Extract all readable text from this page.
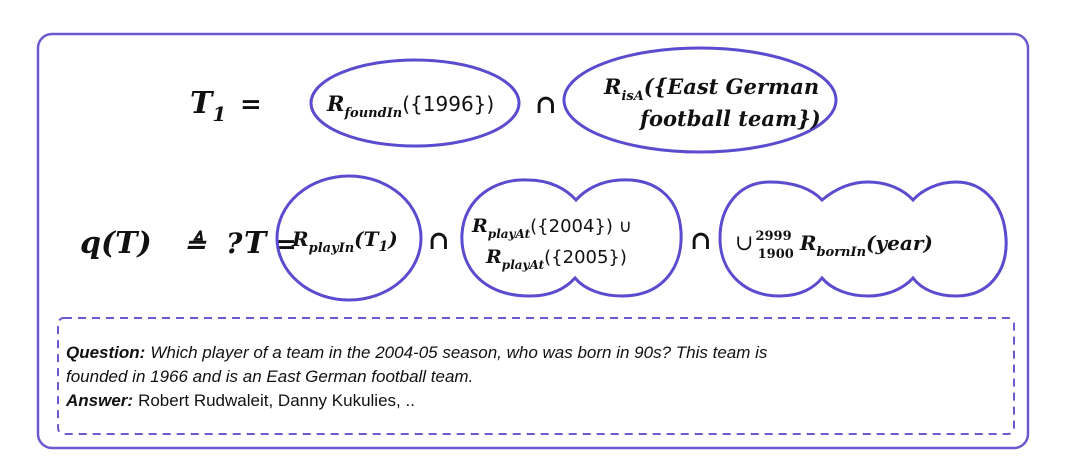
$T_1$ =	$R_{foundIn}(\{1996\})$ ∩
$R_{isA}(\{East$ German
football team})
q(T) ≜ ? T =
$R_{playIn}(T_1)$ ∩ $R_{playAt}(\{2004\})$ ∪
$R_{playAt}(\{2005\})$
∩ ∪ $^{2999}$ 1900 $R_{bornIn}(year)$
Question: Which player of a team in the 2004-05 season, who was born in 90s? This team is
founded in 1966 and is an East German football team.
Answer: Robert Rudwaleit, Danny Kukulies, ..
